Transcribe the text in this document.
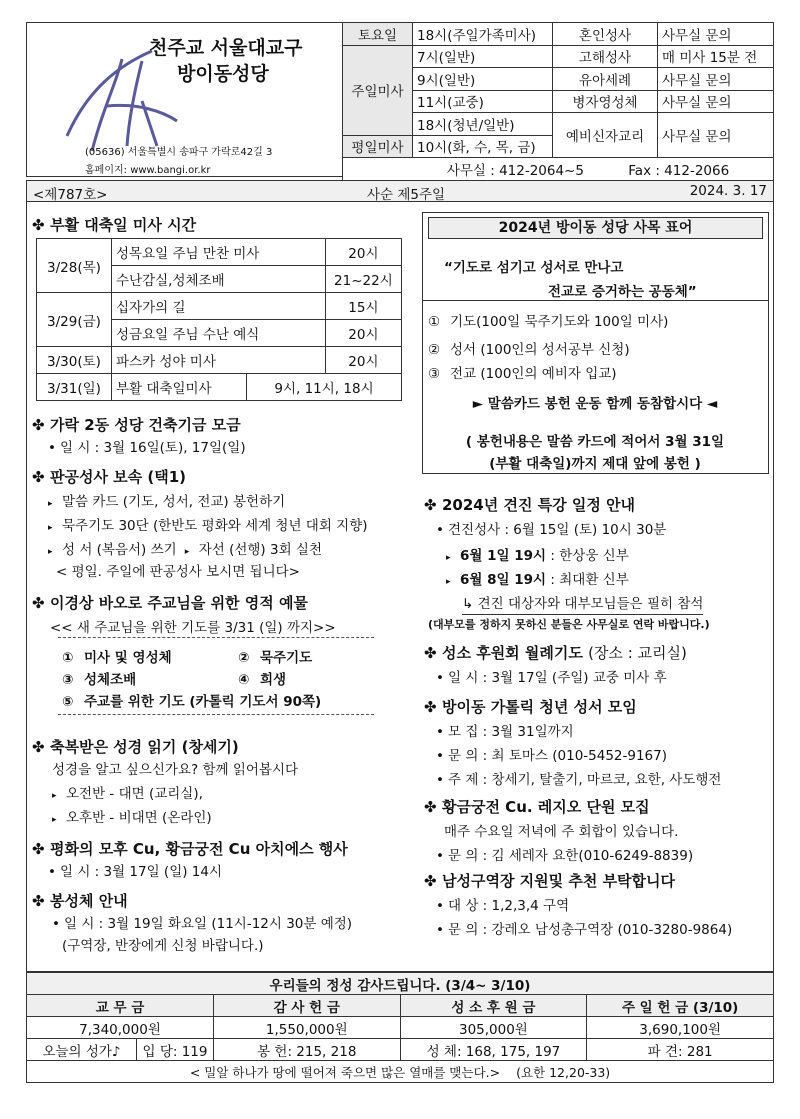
천주교 서울대교구
방이동성당
(05636) 서울특별시 송파구 가락로42길 3
홈페이지: www.bangi.or.kr
토요일	18시(주일가족미사)	혼인성사	사무실 문의
주일미사	7시(일반)	고해성사	매 미사 15분 전
	9시(일반)	유아세례	사무실 문의
	11시(교중)	병자영성체	사무실 문의
	18시(청년/일반)	예비신자교리	사무실 문의
평일미사	10시(화, 수, 목, 금)		
사무실 : 412-2064~5 Fax : 412-2066			
<제787호>	사순 제5주일	2024. 3. 17
✤ 부활 대축일 미사 시간
3/28(목)	성목요일 주님 만찬 미사		20시
	수난감실,성체조배		21~22시
3/29(금)	십자가의 길		15시
	성금요일 주님 수난 예식		20시
3/30(토)	파스카 성야 미사		20시
3/31(일)	부활 대축일미사	9시, 11시, 18시	
✤ 가락 2동 성당 건축기금 모금
• 일 시 : 3월 16일(토), 17일(일)
✤ 판공성사 보속 (택1)
▸ 말씀 카드 (기도, 성서, 전교) 봉헌하기
▸ 묵주기도 30단 (한반도 평화와 세계 청년 대회 지향)
▸ 성 서 (복음서) 쓰기 ▸ 자선 (선행) 3회 실천
< 평일. 주일에 판공성사 보시면 됩니다>
✤ 이경상 바오로 주교님을 위한 영적 예물
<< 새 주교님을 위한 기도를 3/31 (일) 까지>>
① 미사 및 영성체	② 묵주기도
③ 성체조배	④ 희생
⑤ 주교를 위한 기도 (카톨릭 기도서 90쪽)
✤ 축복받은 성경 읽기 (창세기)
성경을 알고 싶으신가요? 함께 읽어봅시다
▸ 오전반 - 대면 (교리실),
▸ 오후반 - 비대면 (온라인)
✤ 평화의 모후 Cu, 황금궁전 Cu 아치에스 행사
• 일 시 : 3월 17일 (일) 14시
✤ 봉성체 안내
• 일 시 : 3월 19일 화요일 (11시-12시 30분 예정)
(구역장, 반장에게 신청 바랍니다.)
2024년 방이동 성당 사목 표어
“기도로 섬기고 성서로 만나고
전교로 증거하는 공동체”
① 기도(100일 묵주기도와 100일 미사)
② 성서 (100인의 성서공부 신청)
③ 전교 (100인의 예비자 입교)
► 말씀카드 봉헌 운동 함께 동참합시다 ◄
( 봉헌내용은 말씀 카드에 적어서 3월 31일
(부활 대축일)까지 제대 앞에 봉헌 )
✤ 2024년 견진 특강 일정 안내
• 견진성사 : 6월 15일 (토) 10시 30분
▸ 6월 1일 19시 : 한상웅 신부
▸ 6월 8일 19시 : 최대환 신부
↳ 견진 대상자와 대부모님들은 필히 참석
(대부모를 정하지 못하신 분들은 사무실로 연락 바랍니다.)
✤ 성소 후원회 월례기도 (장소 : 교리실)
• 일 시 : 3월 17일 (주일) 교중 미사 후
✤ 방이동 가톨릭 청년 성서 모임
• 모 집 : 3월 31일까지
• 문 의 : 최 토마스 (010-5452-9167)
• 주 제 : 창세기, 탈출기, 마르코, 요한, 사도행전
✤ 황금궁전 Cu. 레지오 단원 모집
매주 수요일 저녁에 주 회합이 있습니다.
• 문 의 : 김 세레자 요한(010-6249-8839)
✤ 남성구역장 지원및 추천 부탁합니다
• 대 상 : 1,2,3,4 구역
• 문 의 : 강레오 남성총구역장 (010-3280-9864)
우리들의 정성 감사드립니다. (3/4~ 3/10)				
교 무 금		감 사 헌 금	성 소 후 원 금	주 일 헌 금 (3/10)
7,340,000원		1,550,000원	305,000원	3,690,100원
오늘의 성가♪	입 당: 119	봉 헌: 215, 218	성 체: 168, 175, 197	파 견: 281
< 밀알 하나가 땅에 떨어져 죽으면 많은 열매를 맺는다.> (요한 12,20-33)				
